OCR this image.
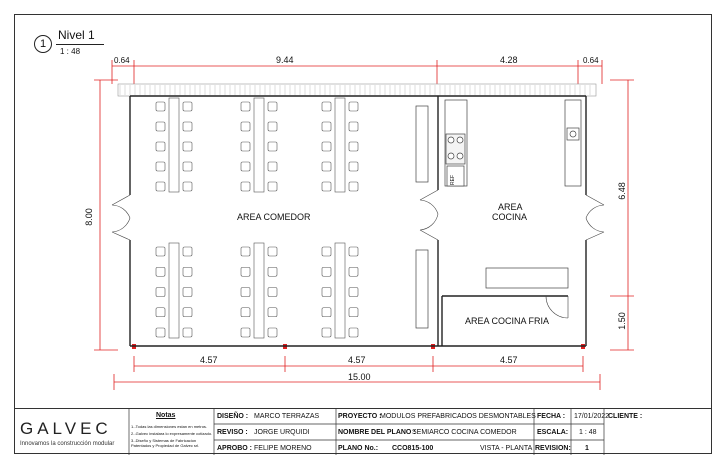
1
Nivel 1
1 : 48
0.64	9.44	4.28	0.64
8.00
6.48
1.50
4.57	4.57	4.57
15.00
AREA COMEDOR
AREA
COCINA
AREA COCINA FRIA
REF
GALVEC
Innovamos la construcción modular
Notas
1.-Todas las dimensiones estan en metros.
2.-Galvec instalara lo expresamente cotizado.
3.-Diseño y Sistemas de Fabricacion Patentados y Propiedad de Galvec srl.
DISEÑO : MARCO TERRAZAS
REVISO : JORGE URQUIDI
APROBO : FELIPE MORENO
PROYECTO :
MODULOS PREFABRICADOS DESMONTABLES
NOMBRE DEL PLANO :
SEMIARCO COCINA COMEDOR
PLANO No.: CCO815-100	VISTA - PLANTA
FECHA : 17/01/2022
ESCALA: 1 : 48
REVISION: 1
CLIENTE :
